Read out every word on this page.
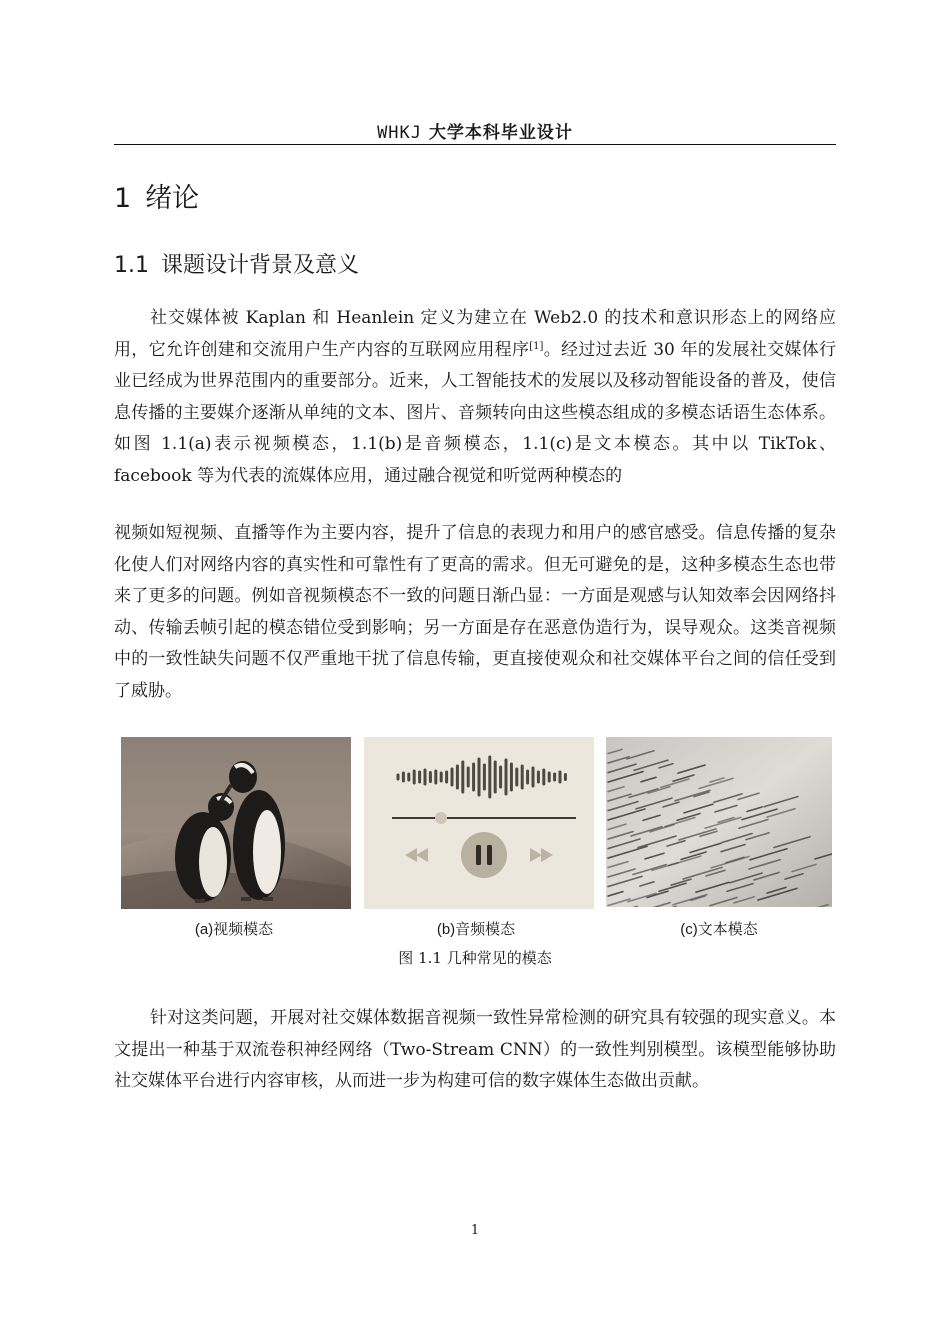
WHKJ 大学本科毕业设计
1 绪论
1.1 课题设计背景及意义

社交媒体被 Kaplan 和 Heanlein 定义为建立在 Web2.0 的技术和意识形态上的网络应用，它允许创建和交流用户生产内容的互联网应用程序[1]。经过过去近 30 年的发展社交媒体行业已经成为世界范围内的重要部分。近来，人工智能技术的发展以及移动智能设备的普及，使信息传播的主要媒介逐渐从单纯的文本、图片、音频转向由这些模态组成的多模态话语生态体系。如图 1.1(a)表示视频模态，1.1(b)是音频模态，1.1(c)是文本模态。其中以 TikTok、facebook 等为代表的流媒体应用，通过融合视觉和听觉两种模态的

视频如短视频、直播等作为主要内容，提升了信息的表现力和用户的感官感受。信息传播的复杂化使人们对网络内容的真实性和可靠性有了更高的需求。但无可避免的是，这种多模态生态也带来了更多的问题。例如音视频模态不一致的问题日渐凸显：一方面是观感与认知效率会因网络抖动、传输丢帧引起的模态错位受到影响；另一方面是存在恶意伪造行为，误导观众。这类音视频中的一致性缺失问题不仅严重地干扰了信息传输，更直接使观众和社交媒体平台之间的信任受到了威胁。

(a)视频模态	(b)音频模态	(c)文本模态
图 1.1 几种常见的模态

针对这类问题，开展对社交媒体数据音视频一致性异常检测的研究具有较强的现实意义。本文提出一种基于双流卷积神经网络（Two-Stream CNN）的一致性判别模型。该模型能够协助社交媒体平台进行内容审核，从而进一步为构建可信的数字媒体生态做出贡献。

1
